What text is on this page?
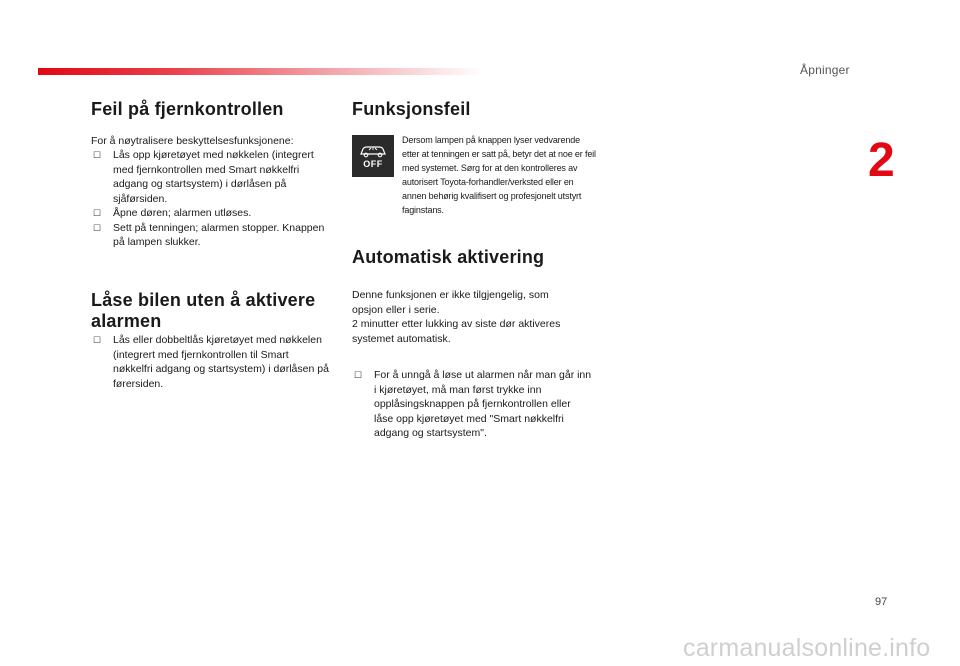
Åpninger
2
Feil på fjernkontrollen

For å nøytralisere beskyttelsesfunksjonene:

☐ Lås opp kjøretøyet med nøkkelen (integrert med fjernkontrollen med Smart nøkkelfri adgang og startsystem) i dørlåsen på sjåførsiden.
☐ Åpne døren; alarmen utløses.
☐ Sett på tenningen; alarmen stopper. Knappen på lampen slukker.
Låse bilen uten å aktivere alarmen
☐ Lås eller dobbeltlås kjøretøyet med nøkkelen (integrert med fjernkontrollen til Smart nøkkelfri adgang og startsystem) i dørlåsen på førersiden.
Funksjonsfeil
OFF

Dersom lampen på knappen lyser vedvarende etter at tenningen er satt på, betyr det at noe er feil med systemet. Sørg for at den kontrolleres av autorisert Toyota-forhandler/verksted eller en annen behørig kvalifisert og profesjonelt utstyrt faginstans.

Automatisk aktivering

Denne funksjonen er ikke tilgjengelig, som opsjon eller i serie.

2 minutter etter lukking av siste dør aktiveres systemet automatisk.

☐ For å unngå å løse ut alarmen når man går inn i kjøretøyet, må man først trykke inn opplåsingsknappen på fjernkontrollen eller låse opp kjøretøyet med "Smart nøkkelfri adgang og startsystem".
97
carmanualsonline.info
